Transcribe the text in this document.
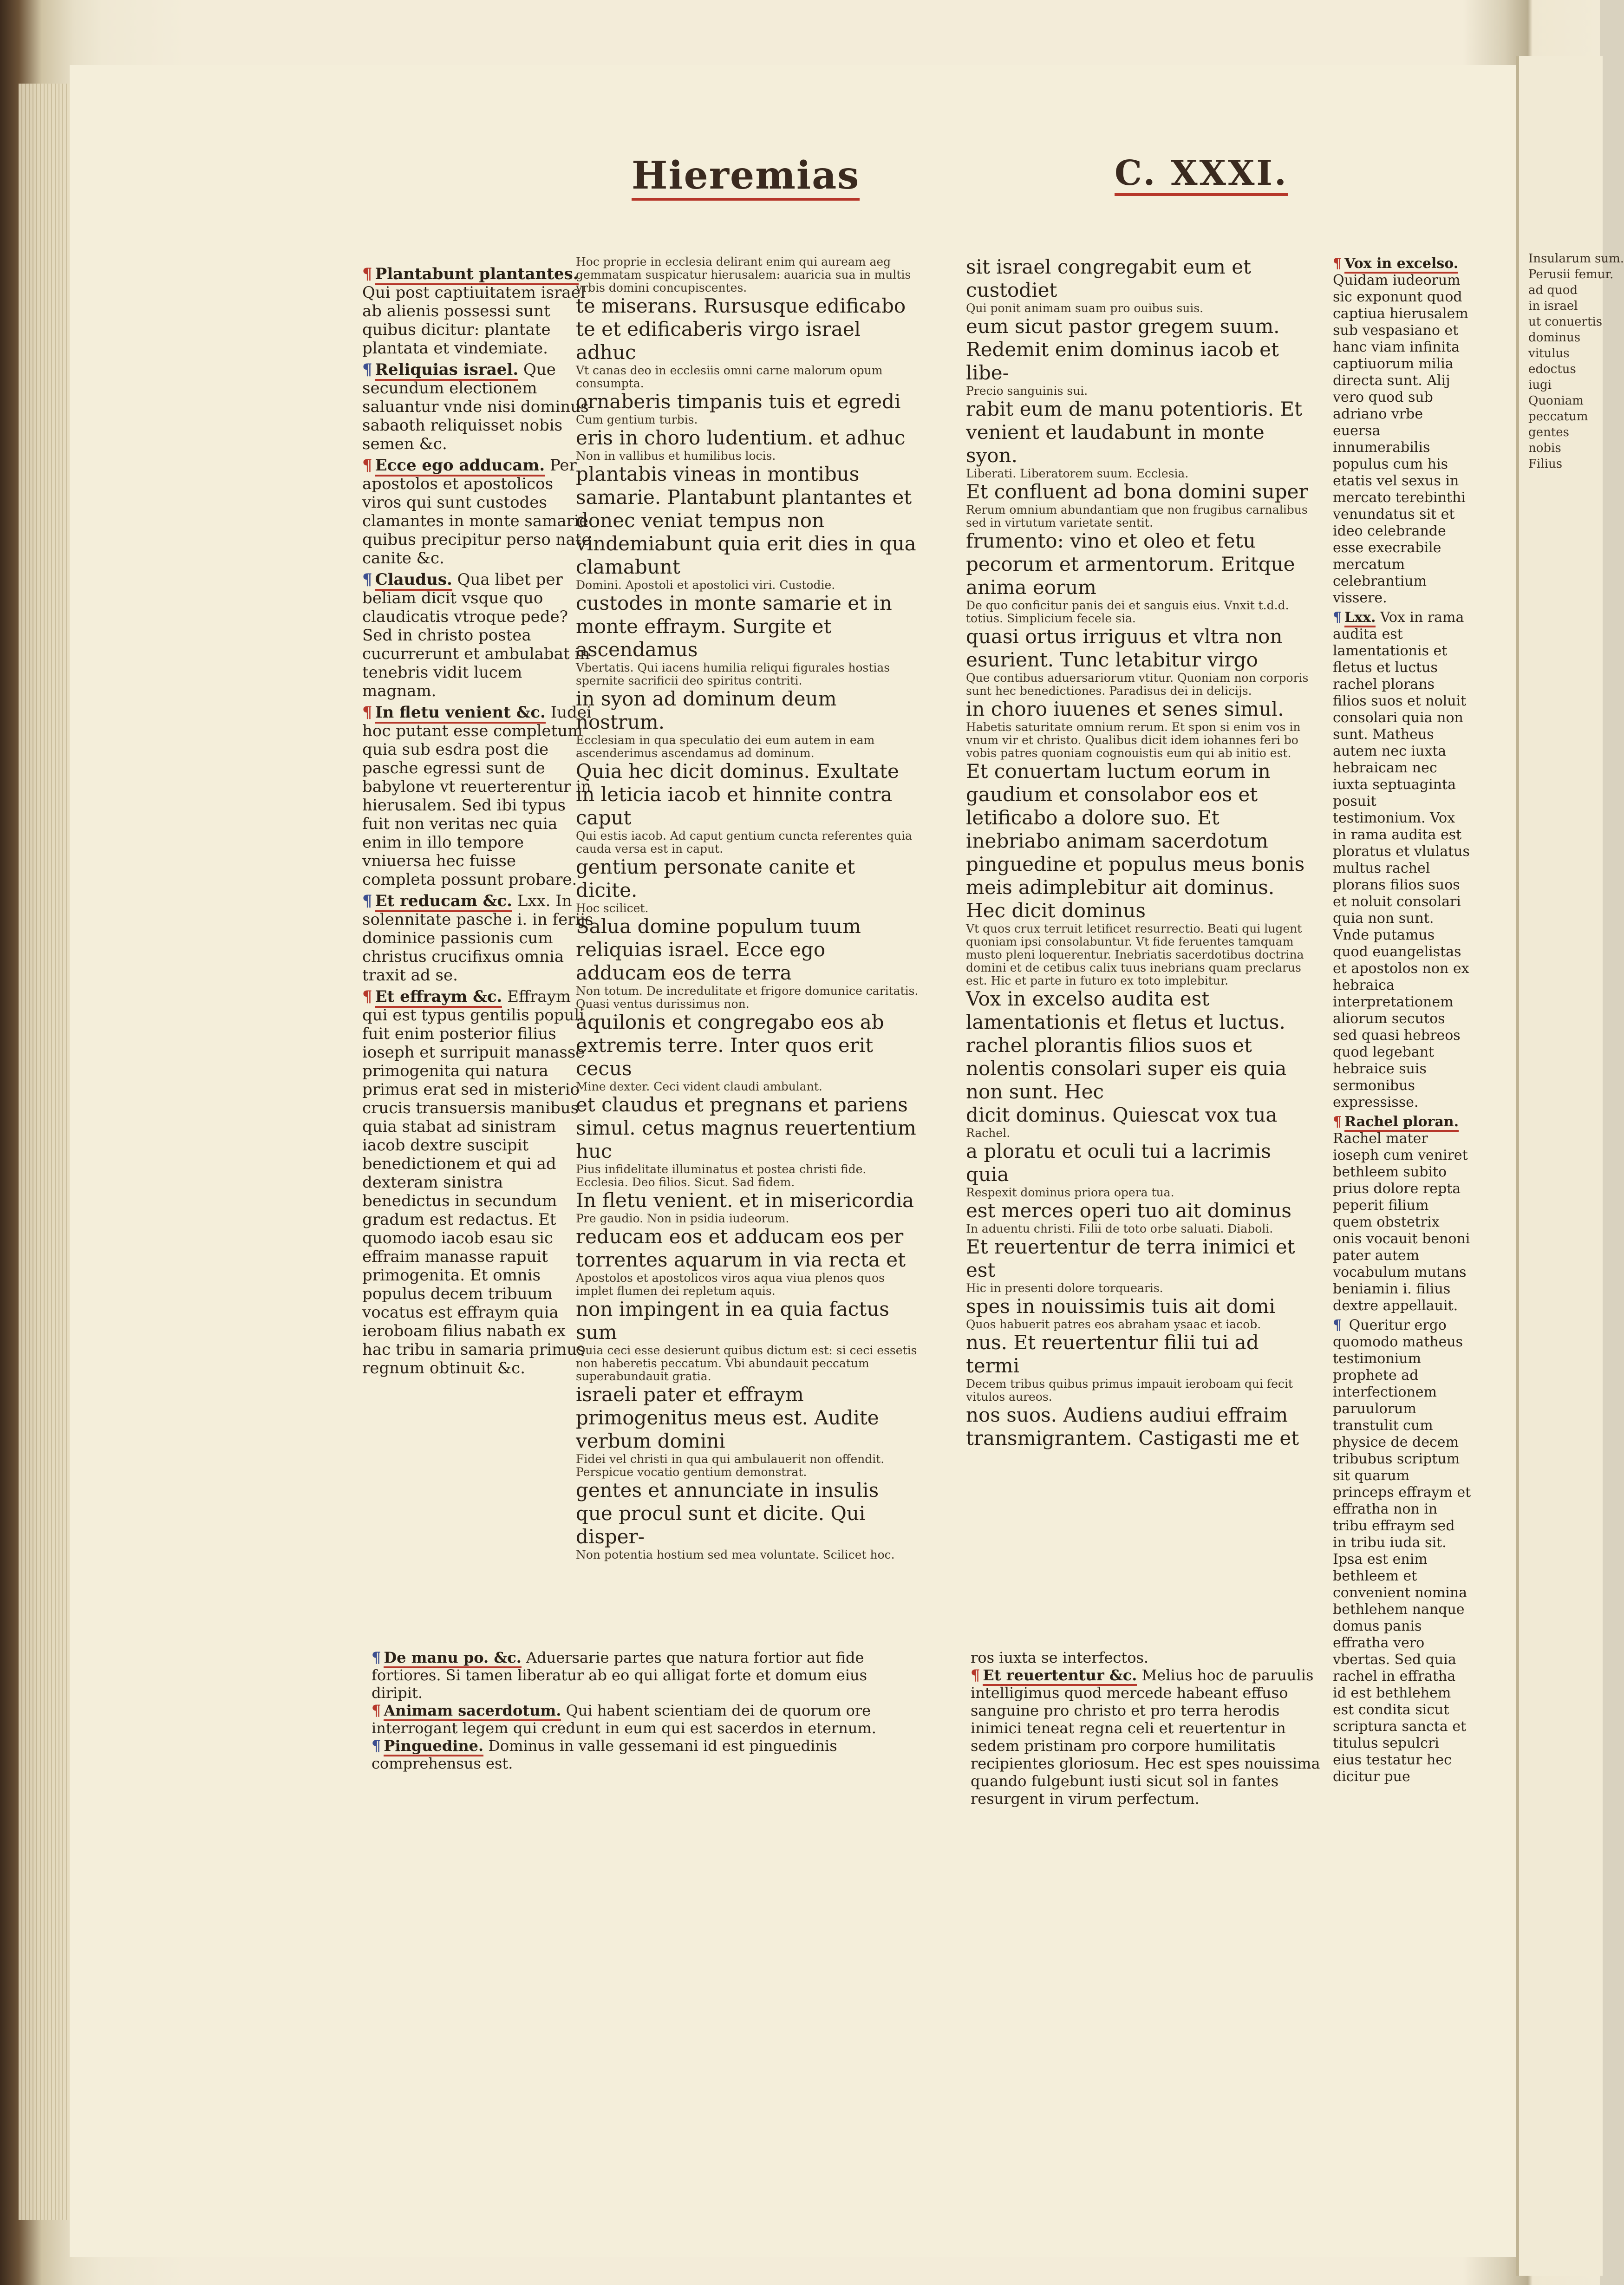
Hieremias	C. XXXI.
¶ Plantabunt plantantes. Qui post captiuitatem israel ab alienis possessi sunt quibus dicitur: plantate plantata et vindemiate.
¶ Reliquias israel. Que secundum electionem saluantur vnde nisi dominus sabaoth reliquisset nobis semen &c.
¶ Ecce ego adducam. Per apostolos et apostolicos viros qui sunt custodes clamantes in monte samarie quibus precipitur perso nate canite &c.
¶ Claudus. Qua libet per beliam dicit vsque quo claudicatis vtroque pede? Sed in christo postea cucurrerunt et ambulabat in tenebris vidit lucem magnam.
¶ In fletu venient &c. Iudei hoc putant esse completum quia sub esdra post die pasche egressi sunt de babylone vt reuerterentur in hierusalem. Sed ibi typus fuit non veritas nec quia enim in illo tempore vniuersa hec fuisse completa possunt probare.
¶ Et reducam &c. Lxx. In solennitate pasche i. in ferijs dominice passionis cum christus crucifixus omnia traxit ad se.
¶ Et effraym &c. Effraym qui est typus gentilis populi fuit enim posterior filius ioseph et surripuit manasse primogenita qui natura primus erat sed in misterio crucis transuersis manibus quia stabat ad sinistram iacob dextre suscipit benedictionem et qui ad dexteram sinistra benedictus in secundum gradum est redactus. Et quomodo iacob esau sic effraim manasse rapuit primogenita. Et omnis populus decem tribuum vocatus est effraym quia ieroboam filius nabath ex hac tribu in samaria primus regnum obtinuit &c.
Hoc proprie in ecclesia delirant enim qui auream aeg gemmatam suspicatur hierusalem: auaricia sua in multis vrbis domini concupiscentes.
te miserans. Rursusque edificabo
te et edificaberis virgo israel adhuc
Vt canas deo in ecclesiis omni carne malorum opum consumpta.
ornaberis timpanis tuis et egredi
Cum gentium turbis.
eris in choro ludentium. et adhuc
Non in vallibus et humilibus locis.
plantabis vineas in montibus samarie. Plantabunt plantantes et
donec veniat tempus non vindemiabunt quia erit dies in qua clamabunt
Domini. Apostoli et apostolici viri. Custodie.
custodes in monte samarie et in monte effraym. Surgite et ascendamus
Vbertatis. Qui iacens humilia reliqui figurales hostias spernite sacrificii deo spiritus contriti.
in syon ad dominum deum nostrum.
Ecclesiam in qua speculatio dei eum autem in eam ascenderimus ascendamus ad dominum.
Quia hec dicit dominus. Exultate in leticia iacob et hinnite contra caput
Qui estis iacob. Ad caput gentium cuncta referentes quia cauda versa est in caput.
gentium personate canite et dicite.
Hoc scilicet.
Salua domine populum tuum reliquias israel. Ecce ego adducam eos de terra
Non totum. De incredulitate et frigore domunice caritatis. Quasi ventus durissimus non.
aquilonis et congregabo eos ab extremis terre. Inter quos erit cecus
Mine dexter. Ceci vident claudi ambulant.
et claudus et pregnans et pariens simul. cetus magnus reuertentium huc
Pius infidelitate illuminatus et postea christi fide. Ecclesia. Deo filios. Sicut. Sad fidem.
In fletu venient. et in misericordia
Pre gaudio. Non in psidia iudeorum.
reducam eos et adducam eos per torrentes aquarum in via recta et
Apostolos et apostolicos viros aqua viua plenos quos implet flumen dei repletum aquis.
non impingent in ea quia factus sum
Quia ceci esse desierunt quibus dictum est: si ceci essetis non haberetis peccatum. Vbi abundauit peccatum superabundauit gratia.
israeli pater et effraym primogenitus meus est. Audite verbum domini
Fidei vel christi in qua qui ambulauerit non offendit. Perspicue vocatio gentium demonstrat.
gentes et annunciate in insulis que procul sunt et dicite. Qui disper-
Non potentia hostium sed mea voluntate. Scilicet hoc.
sit israel congregabit eum et custodiet
Qui ponit animam suam pro ouibus suis.
eum sicut pastor gregem suum. Redemit enim dominus iacob et libe-
Precio sanguinis sui.
rabit eum de manu potentioris. Et venient et laudabunt in monte syon.
Liberati. Liberatorem suum. Ecclesia.
Et confluent ad bona domini super
Rerum omnium abundantiam que non frugibus carnalibus sed in virtutum varietate sentit.
frumento: vino et oleo et fetu pecorum et armentorum. Eritque anima eorum
De quo conficitur panis dei et sanguis eius. Vnxit t.d.d. totius. Simplicium fecele sia.
quasi ortus irriguus et vltra non esurient. Tunc letabitur virgo
Que contibus aduersariorum vtitur. Quoniam non corporis sunt hec benedictiones. Paradisus dei in delicijs.
in choro iuuenes et senes simul.
Habetis saturitate omnium rerum. Et spon si enim vos in vnum vir et christo. Qualibus dicit idem iohannes feri bo vobis patres quoniam cognouistis eum qui ab initio est.
Et conuertam luctum eorum in gaudium et consolabor eos et letificabo a dolore suo. Et inebriabo animam sacerdotum pinguedine et populus meus bonis meis adimplebitur ait dominus. Hec dicit dominus
Vt quos crux terruit letificet resurrectio. Beati qui lugent quoniam ipsi consolabuntur. Vt fide feruentes tamquam musto pleni loquerentur. Inebriatis sacerdotibus doctrina domini et de cetibus calix tuus inebrians quam preclarus est. Hic et parte in futuro ex toto implebitur.
Vox in excelso audita est lamentationis et fletus et luctus. rachel plorantis filios suos et nolentis consolari super eis quia non sunt. Hec
dicit dominus. Quiescat vox tua
Rachel.
a ploratu et oculi tui a lacrimis quia
Respexit dominus priora opera tua.
est merces operi tuo ait dominus
In aduentu christi. Filii de toto orbe saluati. Diaboli.
Et reuertentur de terra inimici et est
Hic in presenti dolore torquearis.
spes in nouissimis tuis ait domi
Quos habuerit patres eos abraham ysaac et iacob.
nus. Et reuertentur filii tui ad termi
Decem tribus quibus primus impauit ieroboam qui fecit vitulos aureos.
nos suos. Audiens audiui effraim transmigrantem. Castigasti me et
¶ Vox in excelso. Quidam iudeorum sic exponunt quod captiua hierusalem sub vespasiano et hanc viam infinita captiuorum milia directa sunt. Alij vero quod sub adriano vrbe euersa innumerabilis populus cum his etatis vel sexus in mercato terebinthi venundatus sit et ideo celebrande esse execrabile mercatum celebrantium vissere.
¶ Lxx. Vox in rama audita est lamentationis et fletus et luctus rachel plorans filios suos et noluit consolari quia non sunt. Matheus autem nec iuxta hebraicam nec iuxta septuaginta posuit testimonium. Vox in rama audita est ploratus et vlulatus multus rachel plorans filios suos et noluit consolari quia non sunt. Vnde putamus quod euangelistas et apostolos non ex hebraica interpretationem aliorum secutos sed quasi hebreos quod legebant hebraice suis sermonibus expressisse.
¶ Rachel ploran. Rachel mater ioseph cum veniret bethleem subito prius dolore repta peperit filium quem obstetrix onis vocauit benoni pater autem vocabulum mutans beniamin i. filius dextre appellauit.
¶ Queritur ergo quomodo matheus testimonium prophete ad interfectionem paruulorum transtulit cum physice de decem tribubus scriptum sit quarum princeps effraym et effratha non in tribu effraym sed in tribu iuda sit. Ipsa est enim bethleem et convenient nomina bethlehem nanque domus panis effratha vero vbertas. Sed quia rachel in effratha id est bethlehem est condita sicut scriptura sancta et titulus sepulcri eius testatur hec dicitur pue
¶ De manu po. &c. Aduersarie partes que natura fortior aut fide fortiores. Si tamen liberatur ab eo qui alligat forte et domum eius diripit.
¶ Animam sacerdotum. Qui habent scientiam dei de quorum ore interrogant legem qui credunt in eum qui est sacerdos in eternum.
¶ Pinguedine. Dominus in valle gessemani id est pinguedinis comprehensus est.
ros iuxta se interfectos.
¶ Et reuertentur &c. Melius hoc de paruulis intelligimus quod mercede habeant effuso sanguine pro christo et pro terra herodis inimici teneat regna celi et reuertentur in sedem pristinam pro corpore humilitatis recipientes gloriosum. Hec est spes nouissima quando fulgebunt iusti sicut sol in fantes resurgent in virum perfectum.
Insularum sum.
Perusii femur.
ad quod
in israel
ut conuertis
dominus
vitulus
edoctus
iugi
Quoniam
peccatum
gentes
nobis
Filius
